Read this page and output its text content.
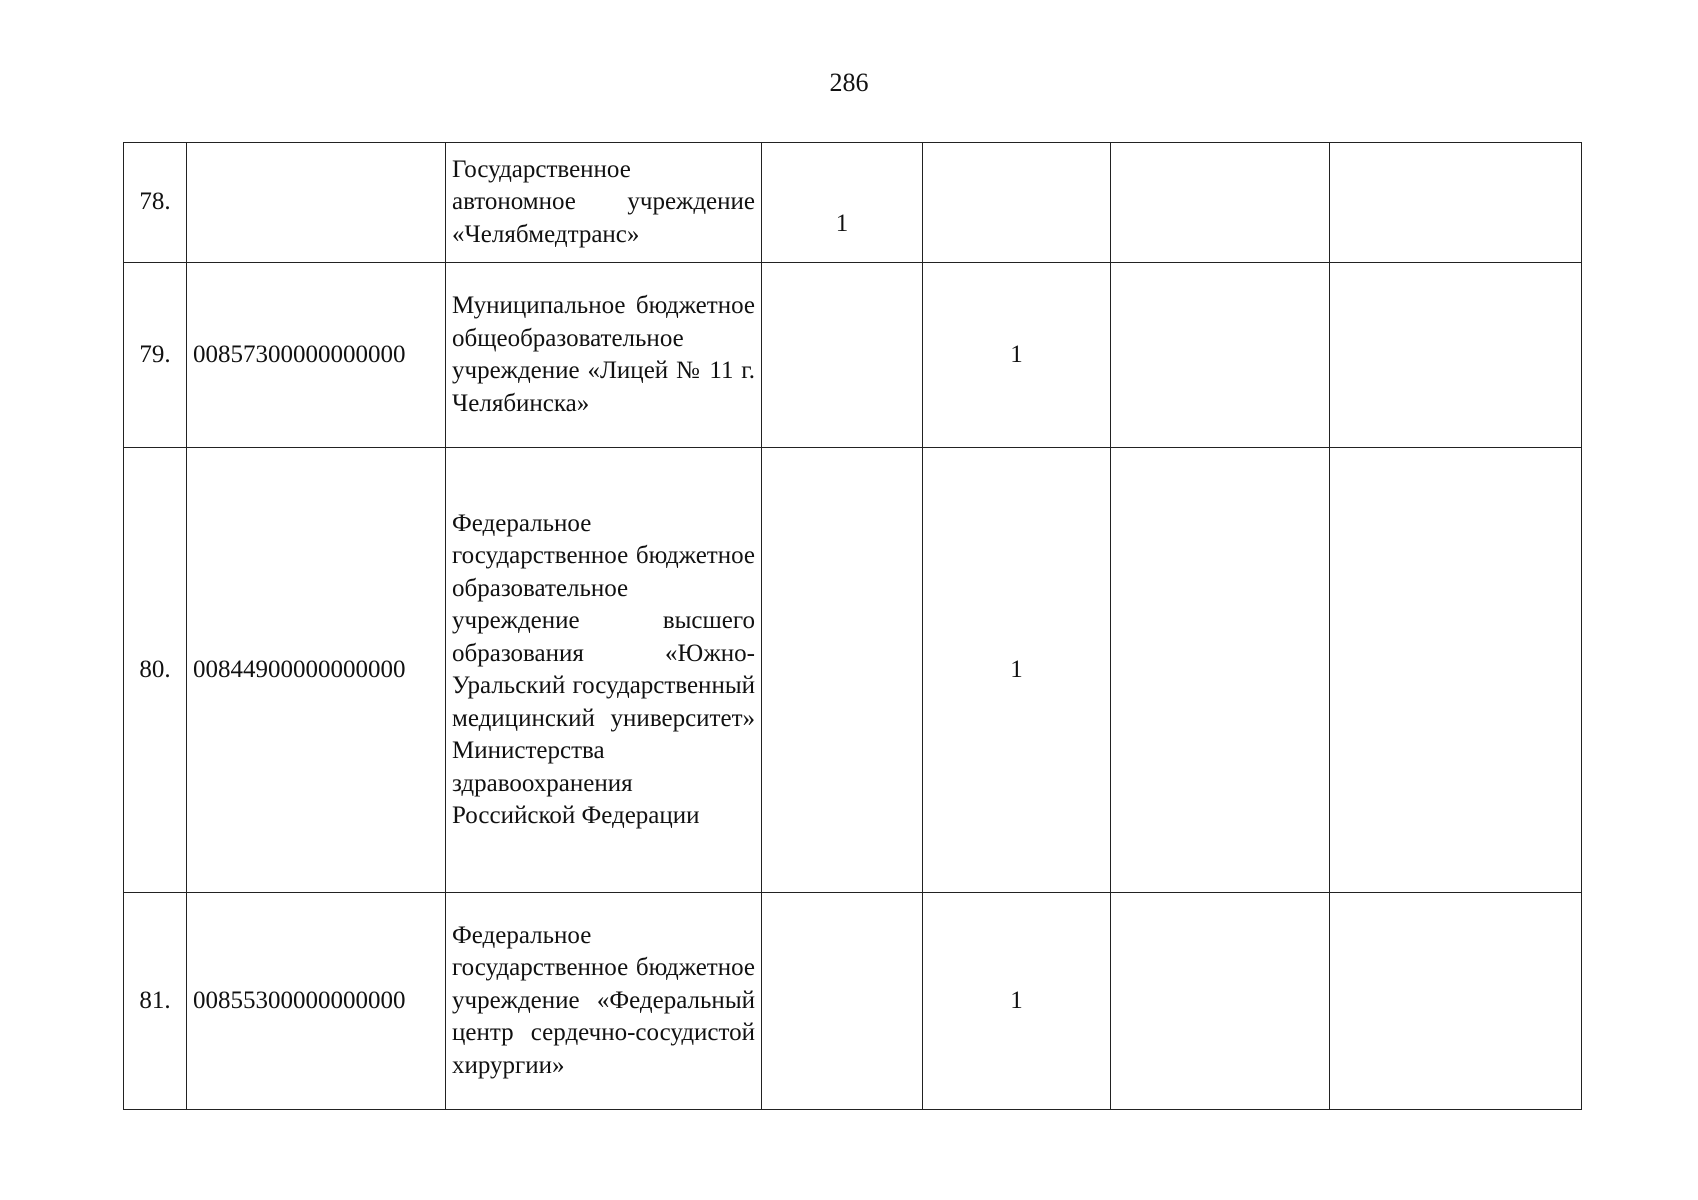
286
78.		Государственное автономное учреждение «Челябмедтранс»	1			
79.	00857300000000000	Муниципальное бюджетное общеобразовательное учреждение «Лицей № 11 г. Челябинска»		1		
80.	00844900000000000	Федеральное государственное бюджетное образовательное учреждение высшего образования «Южно-Уральский государственный медицинский университет» Министерства здравоохранения Российской Федерации		1		
81.	00855300000000000	Федеральное государственное бюджетное учреждение «Федеральный центр сердечно-сосудистой хирургии»		1		
